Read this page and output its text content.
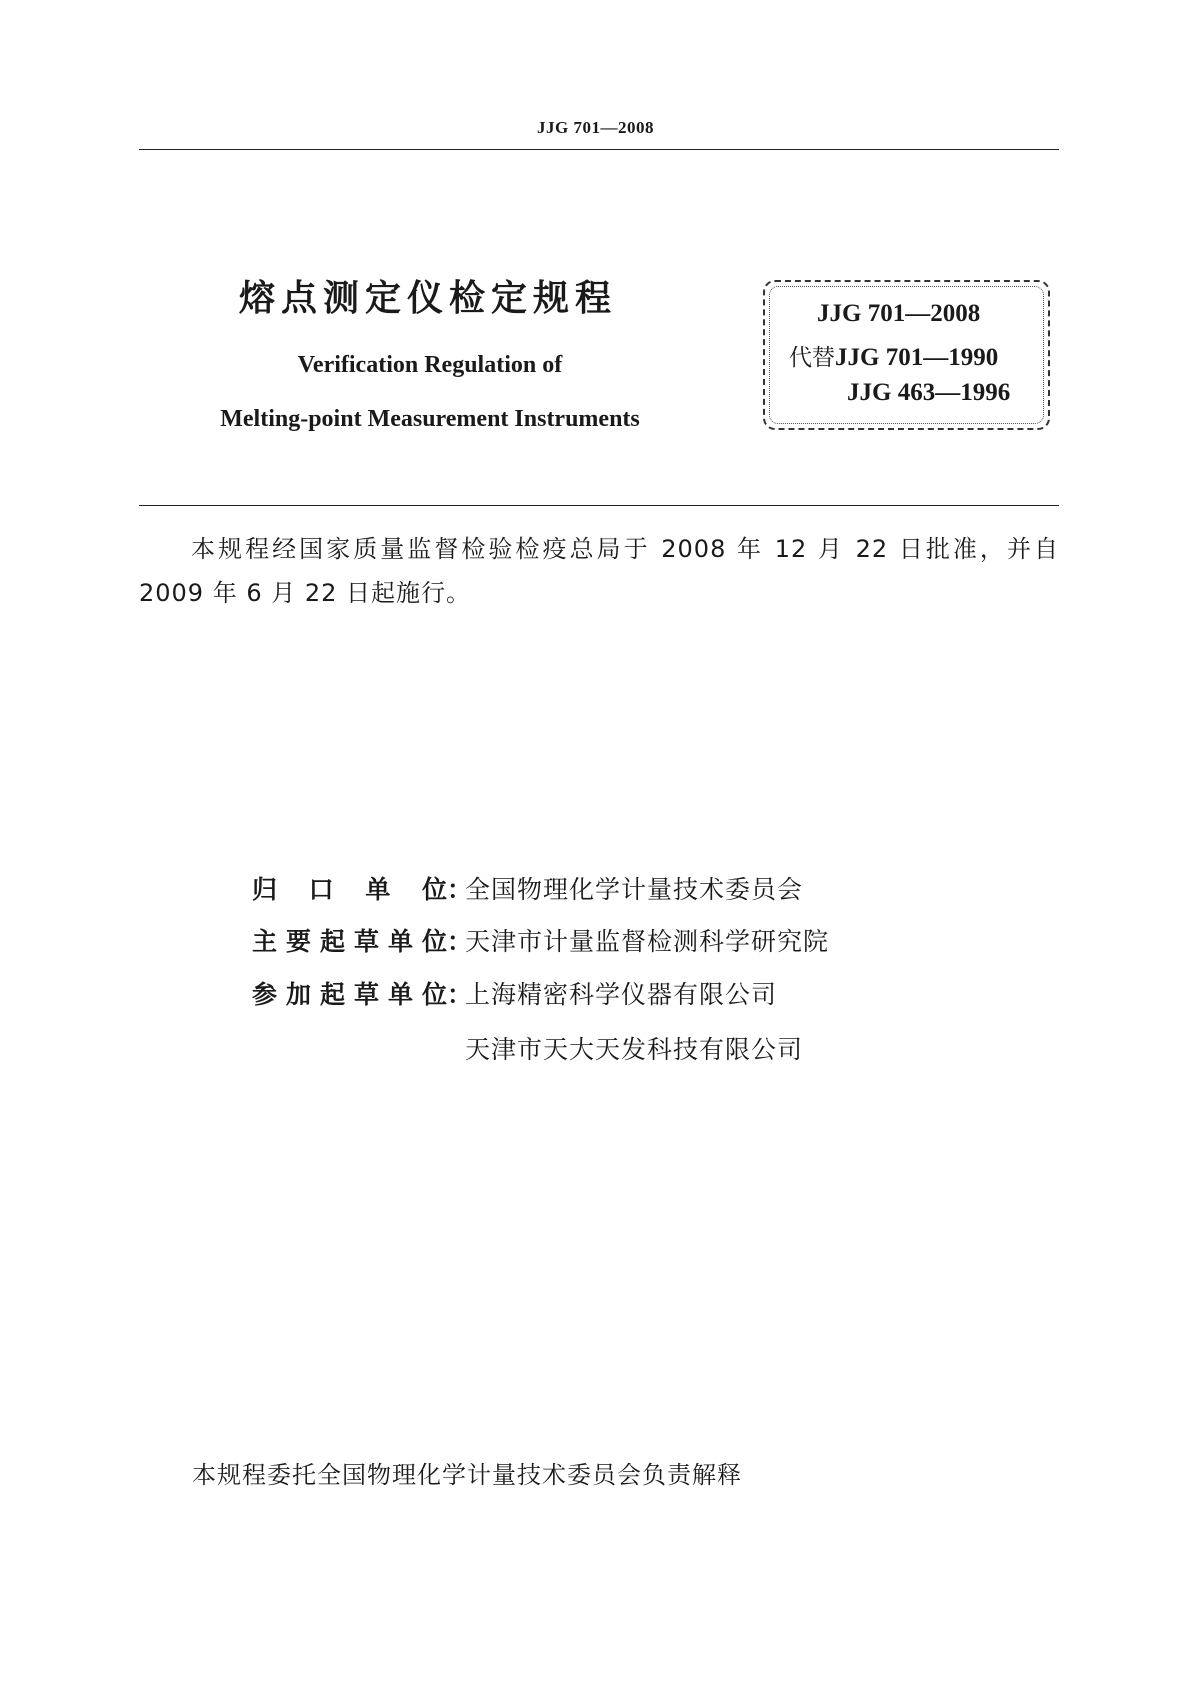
JJG 701—2008
熔点测定仪检定规程
Verification Regulation of
Melting-point Measurement Instruments
JJG 701—2008
代替JJG 701—1990
JJG 463—1996
本规程经国家质量监督检验检疫总局于 2008 年 12 月 22 日批准，并自 2009 年 6 月 22 日起施行。
归口单位：全国物理化学计量技术委员会
主要起草单位：天津市计量监督检测科学研究院
参加起草单位：上海精密科学仪器有限公司
天津市天大天发科技有限公司
本规程委托全国物理化学计量技术委员会负责解释
